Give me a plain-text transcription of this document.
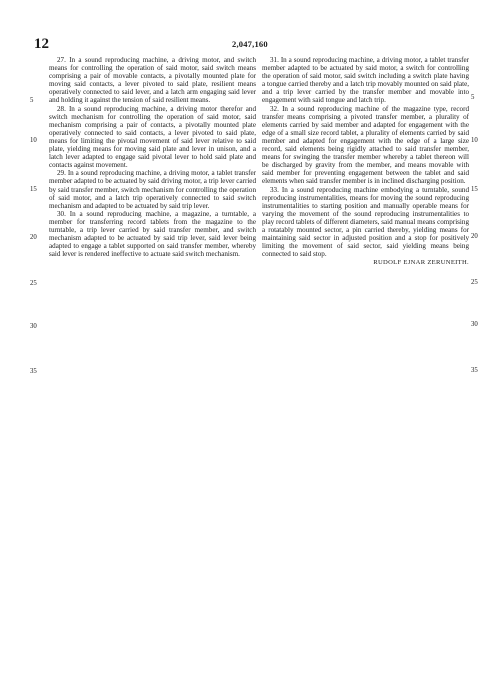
12	2,047,160
5
10
15
20
25
30
35
5
10
15
20
25
30
35

27. In a sound reproducing machine, a driving motor, and switch means for controlling the operation of said motor, said switch means comprising a pair of movable contacts, a pivotally mounted plate for moving said contacts, a lever pivoted to said plate, resilient means operatively connected to said lever, and a latch arm engaging said lever and holding it against the tension of said resilient means.

28. In a sound reproducing machine, a driving motor therefor and switch mechanism for controlling the operation of said motor, said mechanism comprising a pair of contacts, a pivotally mounted plate operatively connected to said contacts, a lever pivoted to said plate, means for limiting the pivotal movement of said lever relative to said plate, yielding means for moving said plate and lever in unison, and a latch lever adapted to engage said pivotal lever to hold said plate and contacts against movement.

29. In a sound reproducing machine, a driving motor, a tablet transfer member adapted to be actuated by said driving motor, a trip lever carried by said transfer member, switch mechanism for controlling the operation of said motor, and a latch trip operatively connected to said switch mechanism and adapted to be actuated by said trip lever.

30. In a sound reproducing machine, a magazine, a turntable, a member for transferring record tablets from the magazine to the turntable, a trip lever carried by said transfer member, and switch mechanism adapted to be actuated by said trip lever, said lever being adapted to engage a tablet supported on said transfer member, whereby said lever is rendered ineffective to actuate said switch mechanism.

31. In a sound reproducing machine, a driving motor, a tablet transfer member adapted to be actuated by said motor, a switch for controlling the operation of said motor, said switch including a switch plate having a tongue carried thereby and a latch trip movably mounted on said plate, and a trip lever carried by the transfer member and movable into engagement with said tongue and latch trip.

32. In a sound reproducing machine of the magazine type, record transfer means comprising a pivoted transfer member, a plurality of elements carried by said member and adapted for engagement with the edge of a small size record tablet, a plurality of elements carried by said member and adapted for engagement with the edge of a large size record, said elements being rigidly attached to said transfer member, means for swinging the transfer member whereby a tablet thereon will be discharged by gravity from the member, and means movable with said member for preventing engagement between the tablet and said elements when said transfer member is in inclined discharging position.

33. In a sound reproducing machine embodying a turntable, sound reproducing instrumentalities, means for moving the sound reproducing instrumentalities to starting position and manually operable means for varying the movement of the sound reproducing instrumentalities to play record tablets of different diameters, said manual means comprising a rotatably mounted sector, a pin carried thereby, yielding means for maintaining said sector in adjusted position and a stop for positively limiting the movement of said sector, said yielding means being connected to said stop.

RUDOLF EJNAR ZERUNEITH.
